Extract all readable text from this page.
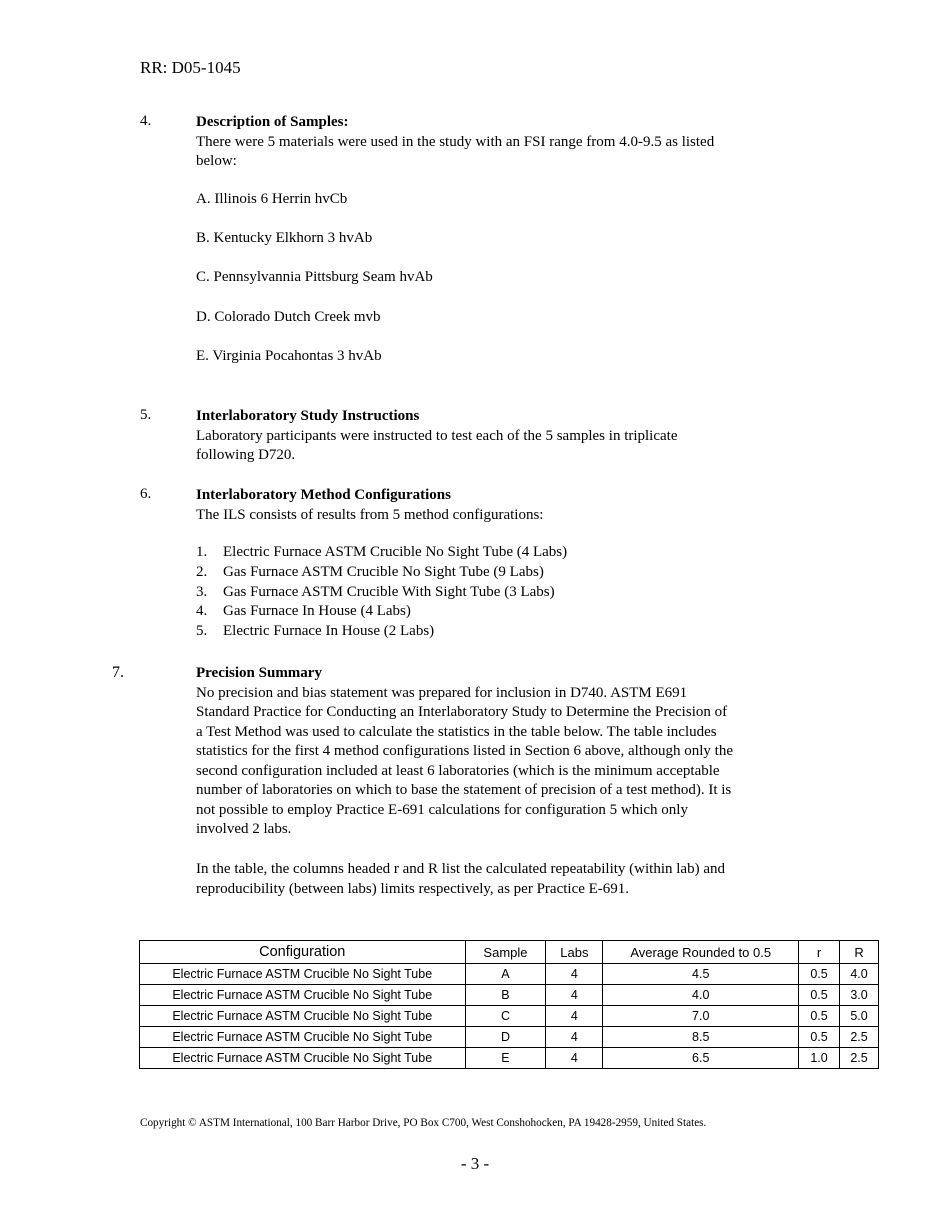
RR: D05-1045
4.	Description of Samples:
There were 5 materials were used in the study with an FSI range from 4.0-9.5 as listed
below:
A. Illinois 6 Herrin hvCb
B. Kentucky Elkhorn 3 hvAb
C. Pennsylvannia Pittsburg Seam hvAb
D. Colorado Dutch Creek mvb
E. Virginia Pocahontas 3 hvAb
5.	Interlaboratory Study Instructions
Laboratory participants were instructed to test each of the 5 samples in triplicate
following D720.
6.	Interlaboratory Method Configurations
The ILS consists of results from 5 method configurations:
1. Electric Furnace ASTM Crucible No Sight Tube (4 Labs)
2. Gas Furnace ASTM Crucible No Sight Tube (9 Labs)
3. Gas Furnace ASTM Crucible With Sight Tube (3 Labs)
4. Gas Furnace In House (4 Labs)
5. Electric Furnace In House (2 Labs)
7.	Precision Summary
No precision and bias statement was prepared for inclusion in D740. ASTM E691
Standard Practice for Conducting an Interlaboratory Study to Determine the Precision of
a Test Method was used to calculate the statistics in the table below. The table includes
statistics for the first 4 method configurations listed in Section 6 above, although only the
second configuration included at least 6 laboratories (which is the minimum acceptable
number of laboratories on which to base the statement of precision of a test method). It is
not possible to employ Practice E-691 calculations for configuration 5 which only
involved 2 labs.
In the table, the columns headed r and R list the calculated repeatability (within lab) and
reproducibility (between labs) limits respectively, as per Practice E-691.
Configuration	Sample	Labs	Average Rounded to 0.5	r	R
Electric Furnace ASTM Crucible No Sight Tube	A	4	4.5	0.5	4.0
Electric Furnace ASTM Crucible No Sight Tube	B	4	4.0	0.5	3.0
Electric Furnace ASTM Crucible No Sight Tube	C	4	7.0	0.5	5.0
Electric Furnace ASTM Crucible No Sight Tube	D	4	8.5	0.5	2.5
Electric Furnace ASTM Crucible No Sight Tube	E	4	6.5	1.0	2.5
Copyright © ASTM International, 100 Barr Harbor Drive, PO Box C700, West Conshohocken, PA 19428-2959, United States.
- 3 -
